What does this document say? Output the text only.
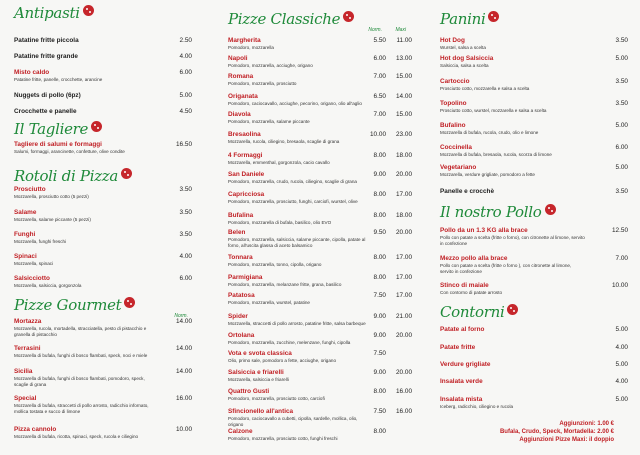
Antipasti
Patatine fritte piccola	2.50
Patatine fritte grande	4.00
Misto caldo
Patatine fritte, panelle, crocchette, arancine
6.00
Nuggets di pollo (6pz)	5.00
Crocchette e panelle	4.50
Il Tagliere
Tagliere di salumi e formaggi
Salumi, formaggi, arancinette, confetture, olive condite
16.50
Rotoli di Pizza
Prosciutto
Mozzarella, prosciutto cotto (5 pezzi)
3.50
Salame
Mozzarella, salame piccante (5 pezzi)
3.50
Funghi
Mozzarella, funghi freschi
3.50
Spinaci
Mozzarella, spinaci
4.00
Salsicciotto
Mozzarella, salsiccia, gorgonzola
6.00
Pizze Gourmet
Norm.
Mortazza
Mozzarella, rucola, mortadella, stracciatella, pesto di pistacchio e granella di pistacchio
14.00
Terrasini
Mozzarella di bufala, funghi di bosco flambati, speck, noci e miele
14.00
Sicilia
Mozzarella di bufala, funghi di bosco flambati, pomodoro, speck, scaglie di grana
14.00
Special
Mozzarella di bufala, straccetti di pollo arrosto, radicchio infornato, mollica tostata e succo di limone
16.00
Pizza cannolo
Mozzarella di bufala, ricotta, spinaci, speck, rucola e ciliegino
10.00
Pizze Classiche
Norm.	Maxi
Margherita
Pomodoro, mozzarella
5.50	11.00
Napoli
Pomodoro, mozzarella, acciughe, origano
6.00	13.00
Romana
Pomodoro, mozzarella, prosciutto
7.00	15.00
Origanata
Pomodoro, caciocavallo, acciughe, pecorino, origano, olio all'aglio
6.50	14.00
Diavola
Pomodoro, mozzarella, salame piccante
7.00	15.00
Bresaolina
Mozzarella, rucola, ciliegino, bresaola, scaglie di grana
10.00	23.00
4 Formaggi
Mozzarella, emmenthal, gorgonzola, cacio cavallo
8.00	18.00
San Daniele
Pomodoro, mozzarella, crudo, rucola, ciliegino, scaglie di grana
9.00	20.00
Capricciosa
Pomodoro, mozzarella, prosciutto, funghi, carciofi, wurstel, olive
8.00	17.00
Bufalina
Pomodoro, mozzarella di bufala, basilico, olio EVO
8.00	18.00
Belen
Pomodoro, mozzarella, salsiccia, salame piccante, cipolla, patate al forno, all'uscita glassa di aceto balsamico
9.50	20.00
Tonnara
Pomodoro, mozzarella, tonno, cipolla, origano
8.00	17.00
Parmigiana
Pomodoro, mozzarella, melanzane fritte, grana, basilico
8.00	17.00
Patatosa
Pomodoro, mozzarella, wurstel, patatine
7.50	17.00
Spider
Mozzarella, straccetti di pollo arrosto, patatine fritte, salsa barbeque
9.00	21.00
Ortolana
Pomodoro, mozzarella, zucchine, melenzane, funghi, cipolla
9.00	20.00
Vota e svota classica
Olio, primo sale, pomodoro a fette, acciughe, origano
7.50
Salsiccia e friarelli
Mozzarella, salsiccia e friarelli
9.00	20.00
Quattro Gusti
Pomodoro, mozzarella, prosciutto cotto, carciofi
8.00	16.00
Sfincionello all'antica
Pomodoro, caciocavallo a cubetti, cipolla, sardelle, mollica, olio, origano
7.50	16.00
Calzone
Pomodoro, mozzarella, prosciutto cotto, funghi freschi
8.00
Panini
Hot Dog
Wurstel, salsa a scelta
3.50
Hot dog Salsiccia
Salsiccia, salsa a scelta
5.00
Cartoccio
Prosciutto cotto, mozzarella e salsa a scelta
3.50
Topolino
Prosciutto cotto, wurstel, mozzarella e salsa a scelta
3.50
Bufalino
Mozzarella di bufala, rucola, crudo, olio e limone
5.00
Coccinella
Mozzarella di bufala, bresaola, rucola, scorza di limone
6.00
Vegetariano
Mozzarella, verdure grigliate, pomodoro a fette
5.00
Panelle e crocchè	3.50
Il nostro Pollo
Pollo da un 1.3 KG alla brace
Pollo con patate a scelta (fritte o forno), con citronette al limone, servito in confezione
12.50
Mezzo pollo alla brace
Pollo con patate a scelta (fritte o forno ), con citronette al limone, servito in confezione
7.00
Stinco di maiale
Con contorno di patate arrosto
10.00
Contorni
Patate al forno	5.00
Patate fritte	4.00
Verdure grigliate	5.00
Insalata verde	4.00
Insalata mista
Iceberg, radicchio, ciliegino e rucola
5.00
Aggiunzioni: 1.00 €
Bufala, Crudo, Speck, Mortadella: 2.00 €
Aggiunzioni Pizze Maxi: il doppio
